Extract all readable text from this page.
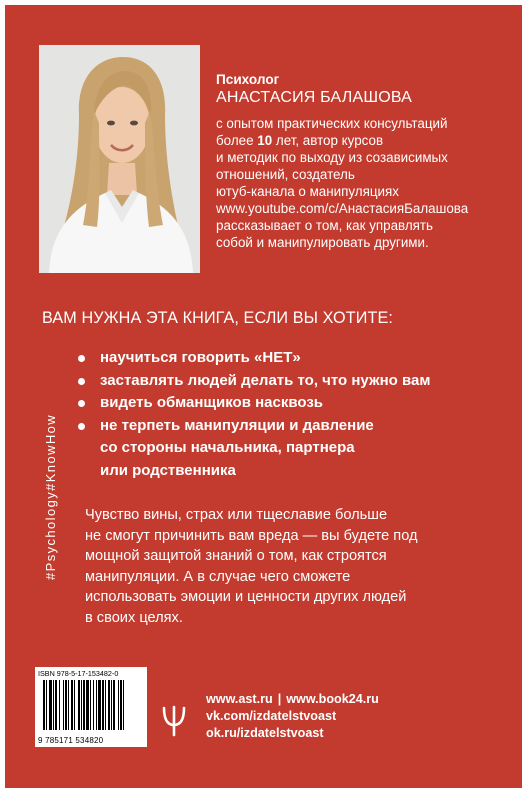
Психолог

АНАСТАСИЯ БАЛАШОВА

с опытом практических консультаций
более 10 лет, автор курсов
и методик по выходу из созависимых
отношений, создатель
ютуб-канала о манипуляциях
www.youtube.com/c/АнастасияБалашова
рассказывает о том, как управлять
собой и манипулировать другими.

ВАМ НУЖНА ЭТА КНИГА, ЕСЛИ ВЫ ХОТИТЕ:
научиться говорить «НЕТ»
заставлять людей делать то, что нужно вам
видеть обманщиков насквозь
не терпеть манипуляции и давление
со стороны начальника, партнера
или родственника
#Psychology#KnowHow Чувство вины, страх или тщеславие больше
не смогут причинить вам вреда — вы будете под
мощной защитой знаний о том, как строятся
манипуляции. А в случае чего сможете
использовать эмоции и ценности других людей
в своих целях.

ISBN 978-5-17-153482-0
9 785171 534820
www.ast.ru | www.book24.ru
vk.com/izdatelstvoast
ok.ru/izdatelstvoast
